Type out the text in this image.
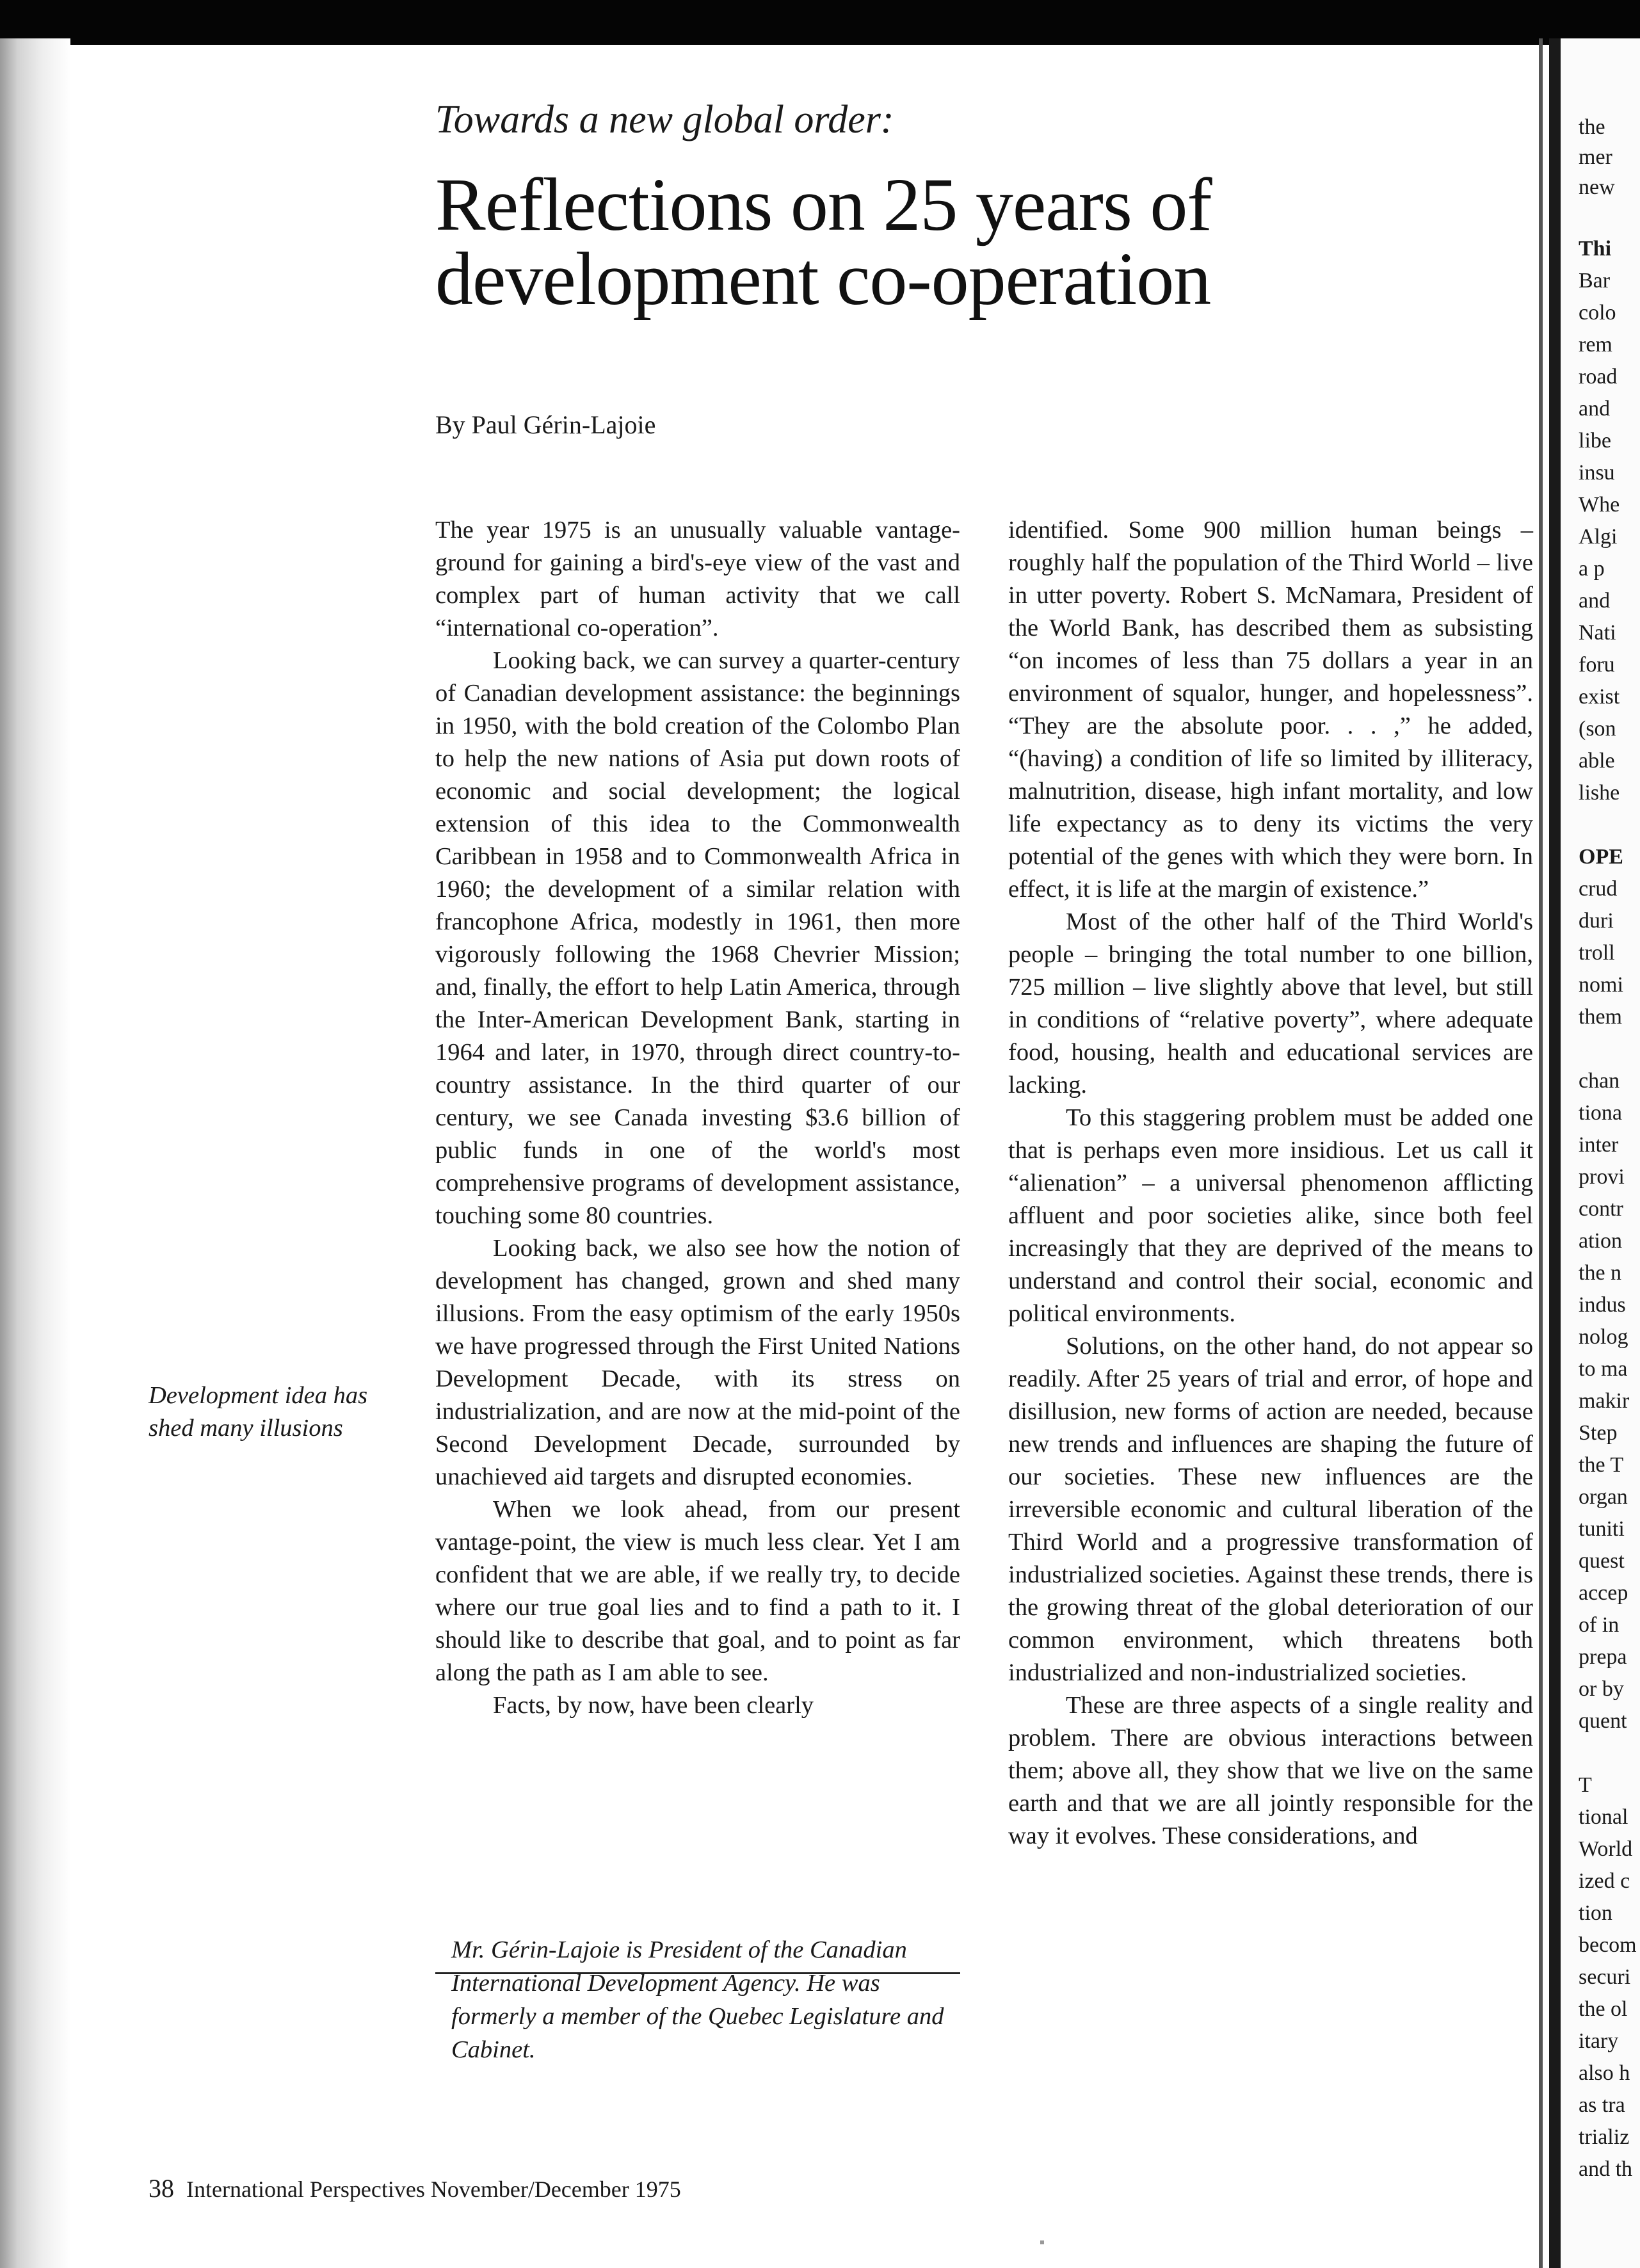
the
mer
new
Thi
Bar
colo
rem
road
and
libe
insu
Whe
Algi
a p
and
Nati
foru
exist
(son
able
lishe
OPE
crud
duri
troll
nomi
them
chan
tiona
inter
provi
contr
ation
the n
indus
nolog
to ma
makir
Step
the T
organ
tuniti
quest
accep
of in
prepa
or by
quent
T
tional
World
ized c
tion
becom
securi
the ol
itary
also h
as tra
trializ
and th
Towards a new global order:
Reflections on 25 years of development co-operation

By Paul Gérin-Lajoie

Development idea has shed many illusions

The year 1975 is an unusually valuable vantage-ground for gaining a bird's-eye view of the vast and complex part of human activity that we call “international co-operation”.

Looking back, we can survey a quarter-century of Canadian development assistance: the beginnings in 1950, with the bold creation of the Colombo Plan to help the new nations of Asia put down roots of economic and social development; the logical extension of this idea to the Commonwealth Caribbean in 1958 and to Commonwealth Africa in 1960; the development of a similar relation with francophone Africa, modestly in 1961, then more vigorously following the 1968 Chevrier Mission; and, finally, the effort to help Latin America, through the Inter-American Development Bank, starting in 1964 and later, in 1970, through direct country-to-country assistance. In the third quarter of our century, we see Canada investing $3.6 billion of public funds in one of the world's most comprehensive programs of development assistance, touching some 80 countries.

Looking back, we also see how the notion of development has changed, grown and shed many illusions. From the easy optimism of the early 1950s we have progressed through the First United Nations Development Decade, with its stress on industrialization, and are now at the mid-point of the Second Development Decade, surrounded by unachieved aid targets and disrupted economies.

When we look ahead, from our present vantage-point, the view is much less clear. Yet I am confident that we are able, if we really try, to decide where our true goal lies and to find a path to it. I should like to describe that goal, and to point as far along the path as I am able to see.

Facts, by now, have been clearly

Mr. Gérin-Lajoie is President of the Canadian International Development Agency. He was formerly a member of the Quebec Legislature and Cabinet.

identified. Some 900 million human beings – roughly half the population of the Third World – live in utter poverty. Robert S. McNamara, President of the World Bank, has described them as subsisting “on incomes of less than 75 dollars a year in an environment of squalor, hunger, and hopelessness”. “They are the absolute poor. . . ,” he added, “(having) a condition of life so limited by illiteracy, malnutrition, disease, high infant mortality, and low life expectancy as to deny its victims the very potential of the genes with which they were born. In effect, it is life at the margin of existence.”

Most of the other half of the Third World's people – bringing the total number to one billion, 725 million – live slightly above that level, but still in conditions of “relative poverty”, where adequate food, housing, health and educational services are lacking.

To this staggering problem must be added one that is perhaps even more insidious. Let us call it “alienation” – a universal phenomenon afflicting affluent and poor societies alike, since both feel increasingly that they are deprived of the means to understand and control their social, economic and political environments.

Solutions, on the other hand, do not appear so readily. After 25 years of trial and error, of hope and disillusion, new forms of action are needed, because new trends and influences are shaping the future of our societies. These new influences are the irreversible economic and cultural liberation of the Third World and a progressive transformation of industrialized societies. Against these trends, there is the growing threat of the global deterioration of our common environment, which threatens both industrialized and non-industrialized societies.

These are three aspects of a single reality and problem. There are obvious interactions between them; above all, they show that we live on the same earth and that we are all jointly responsible for the way it evolves. These considerations, and

38 International Perspectives November/December 1975
